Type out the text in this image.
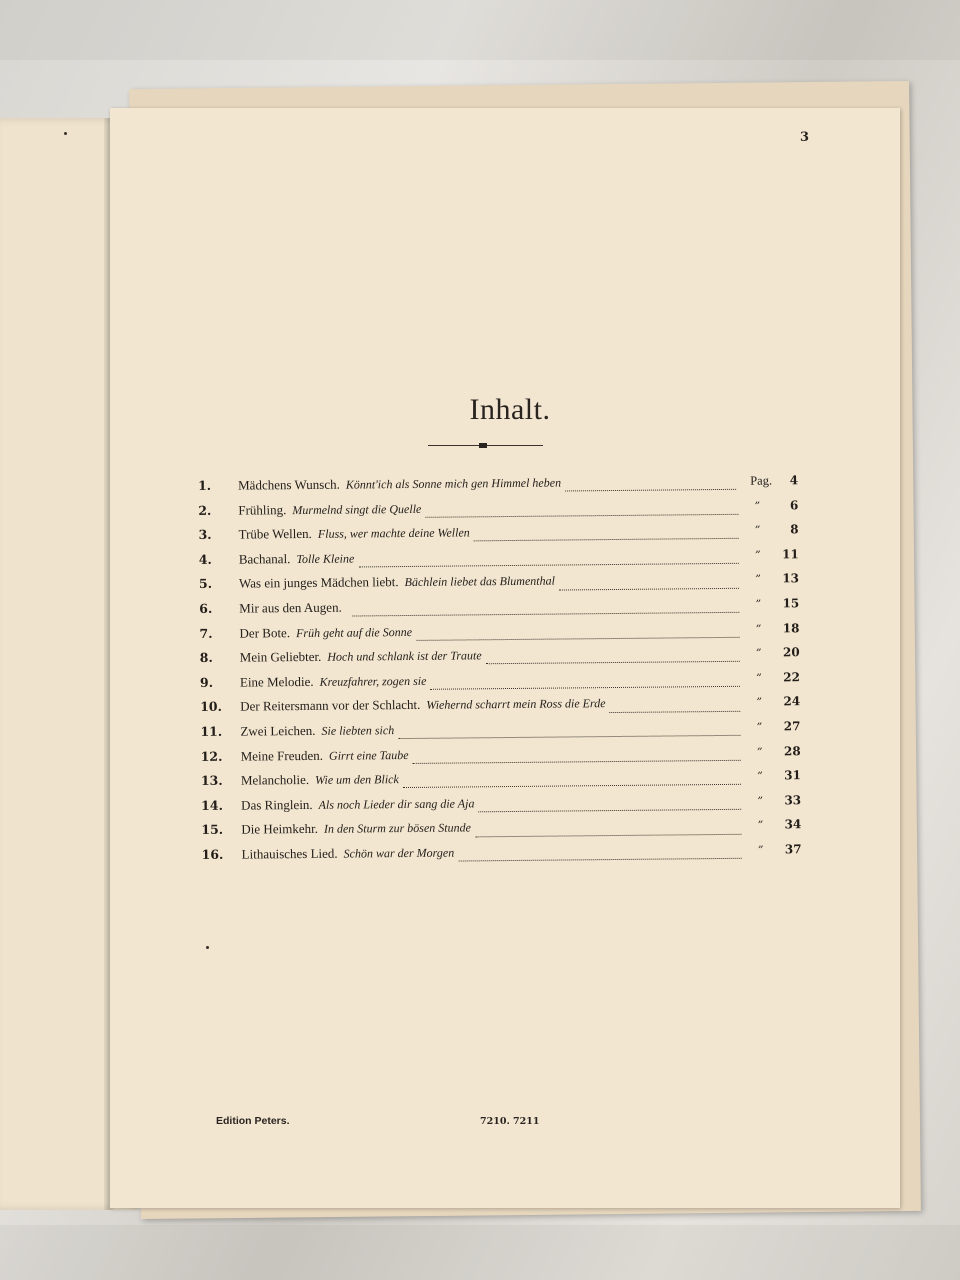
3
Inhalt.
1.	Mädchens Wunsch. Könnt'ich als Sonne mich gen Himmel heben	Pag.	4
2.	Frühling. Murmelnd singt die Quelle	”	6
3.	Trübe Wellen. Fluss, wer machte deine Wellen	”	8
4.	Bachanal. Tolle Kleine	”	11
5.	Was ein junges Mädchen liebt. Bächlein liebet das Blumenthal	”	13
6.	Mir aus den Augen.	”	15
7.	Der Bote. Früh geht auf die Sonne	”	18
8.	Mein Geliebter. Hoch und schlank ist der Traute	”	20
9.	Eine Melodie. Kreuzfahrer, zogen sie	”	22
10.	Der Reitersmann vor der Schlacht. Wiehernd scharrt mein Ross die Erde	”	24
11.	Zwei Leichen. Sie liebten sich	”	27
12.	Meine Freuden. Girrt eine Taube	”	28
13.	Melancholie. Wie um den Blick	”	31
14.	Das Ringlein. Als noch Lieder dir sang die Aja	”	33
15.	Die Heimkehr. In den Sturm zur bösen Stunde	”	34
16.	Lithauisches Lied. Schön war der Morgen	”	37
Edition Peters.	7210. 7211
